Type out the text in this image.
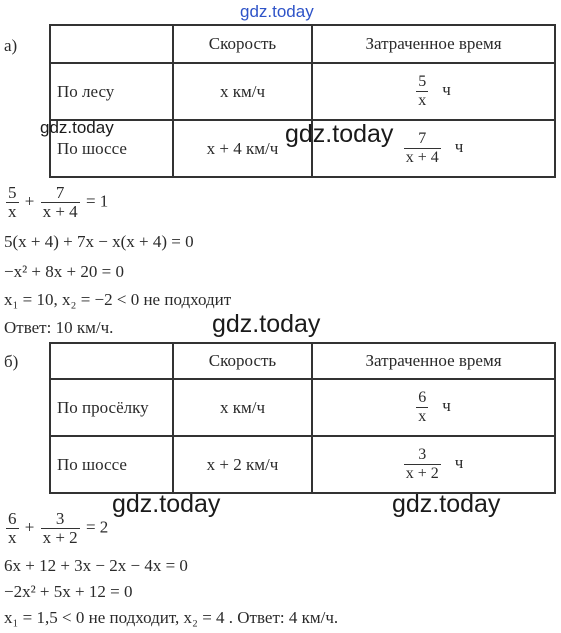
gdz.today
а)
		Скорость	Затраченное время
По лесу	x км/ч	$\frac{5}{x}$ ч
По шоссе	x + 4 км/ч	$\frac{7}{x + 4}$ ч
gdz.today	gdz.today
$\frac{5}{x} + \frac{7}{x + 4} = 1$
5(x + 4) + 7x − x(x + 4) = 0
−x² + 8x + 20 = 0
x₁ = 10, x₂ = −2 < 0 не подходит
Ответ: 10 км/ч.	gdz.today
б)
		Скорость	Затраченное время
По просёлку	x км/ч	$\frac{6}{x}$ ч
По шоссе	x + 2 км/ч	$\frac{3}{x + 2}$ ч
gdz.today	gdz.today
$\frac{6}{x} + \frac{3}{x + 2} = 2$
6x + 12 + 3x − 2x − 4x = 0
−2x² + 5x + 12 = 0
x₁ = 1,5 < 0 не подходит, x₂ = 4 . Ответ: 4 км/ч.
